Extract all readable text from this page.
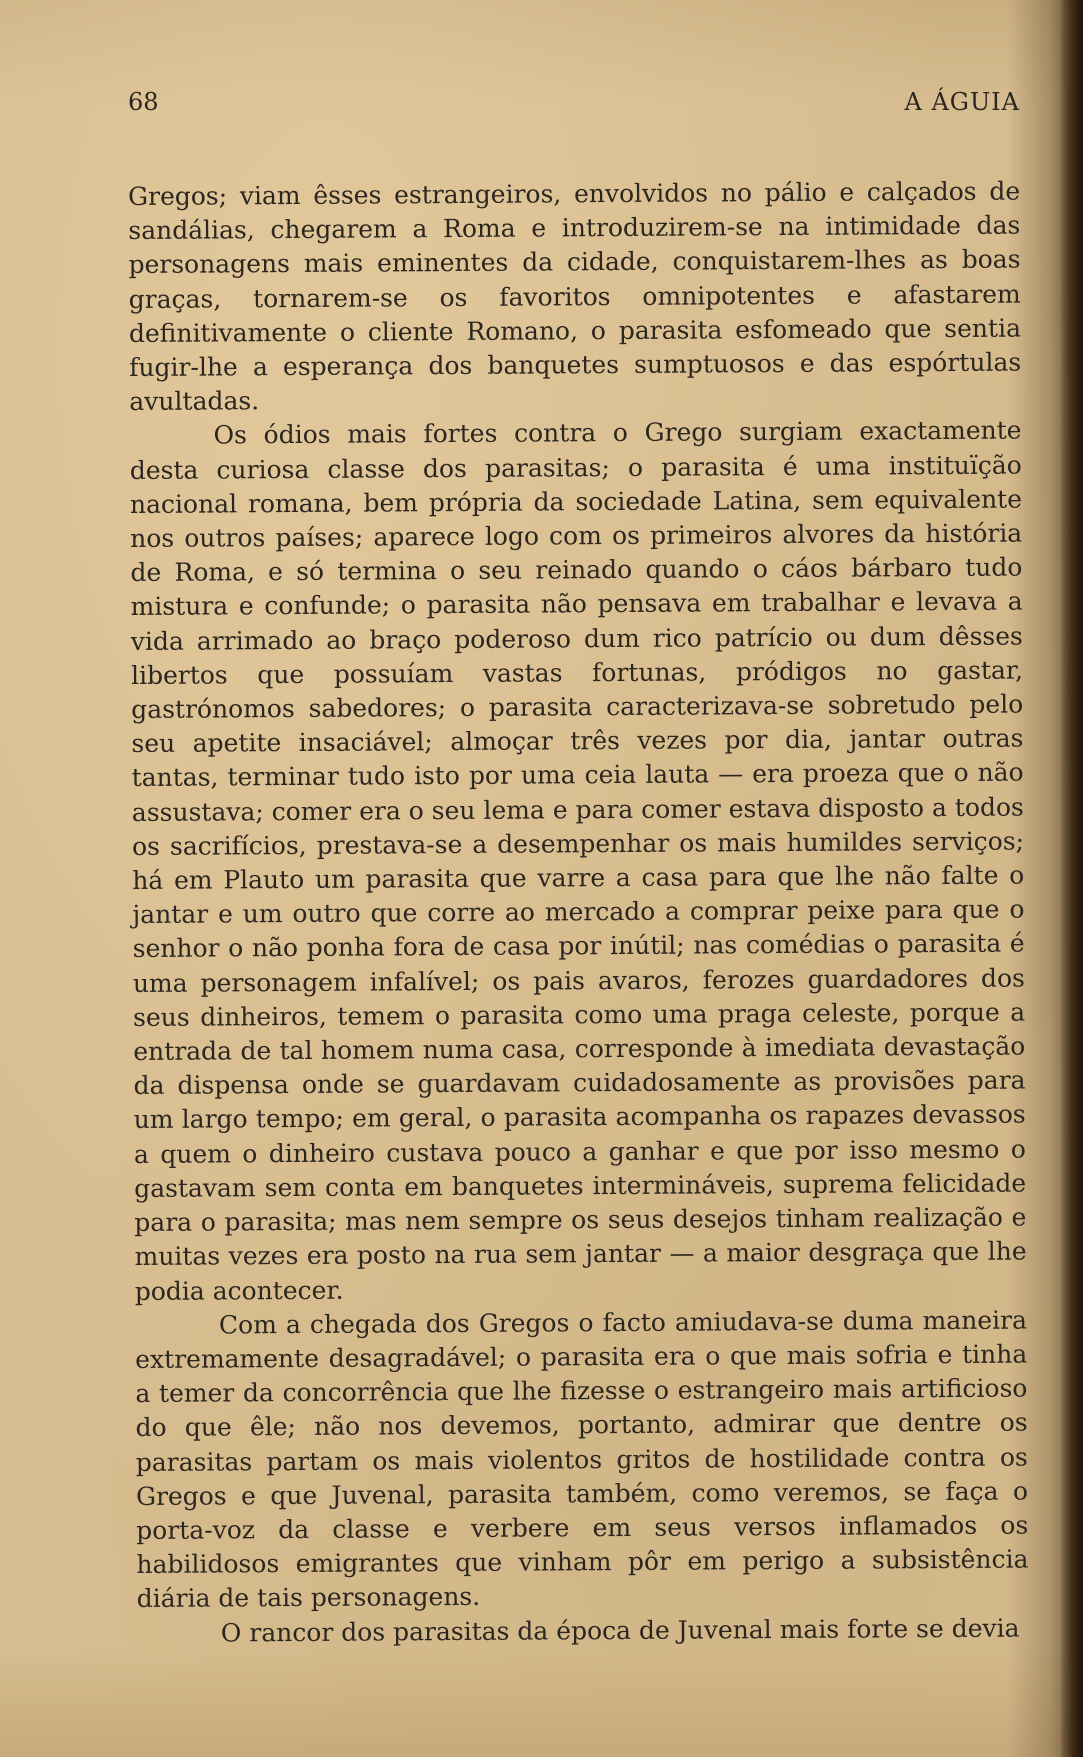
68	A ÁGUIA

Gregos; viam êsses estrangeiros, envolvidos no pálio e calçados de sandálias, chegarem a Roma e introduzirem-se na intimidade das personagens mais eminentes da cidade, conquistarem-lhes as boas graças, tornarem-se os favoritos omnipotentes e afastarem definitivamente o cliente Romano, o parasita esfomeado que sentia fugir-lhe a esperança dos banquetes sumptuosos e das espórtulas avultadas.

Os ódios mais fortes contra o Grego surgiam exactamente desta curiosa classe dos parasitas; o parasita é uma instituïção nacional romana, bem própria da sociedade Latina, sem equivalente nos outros países; aparece logo com os primeiros alvores da história de Roma, e só termina o seu reinado quando o cáos bárbaro tudo mistura e confunde; o parasita não pensava em trabalhar e levava a vida arrimado ao braço poderoso dum rico patrício ou dum dêsses libertos que possuíam vastas fortunas, pródigos no gastar, gastrónomos sabedores; o parasita caracterizava-se sobretudo pelo seu apetite insaciável; almoçar três vezes por dia, jantar outras tantas, terminar tudo isto por uma ceia lauta — era proeza que o não assustava; comer era o seu lema e para comer estava disposto a todos os sacrifícios, prestava-se a desempenhar os mais humildes serviços; há em Plauto um parasita que varre a casa para que lhe não falte o jantar e um outro que corre ao mercado a comprar peixe para que o senhor o não ponha fora de casa por inútil; nas comédias o parasita é uma personagem infalível; os pais avaros, ferozes guardadores dos seus dinheiros, temem o parasita como uma praga celeste, porque a entrada de tal homem numa casa, corresponde à imediata devastação da dispensa onde se guardavam cuidadosamente as provisões para um largo tempo; em geral, o parasita acompanha os rapazes devassos a quem o dinheiro custava pouco a ganhar e que por isso mesmo o gastavam sem conta em banquetes intermináveis, suprema felicidade para o parasita; mas nem sempre os seus desejos tinham realização e muitas vezes era posto na rua sem jantar — a maior desgraça que lhe podia acontecer.

Com a chegada dos Gregos o facto amiudava-se duma maneira extremamente desagradável; o parasita era o que mais sofria e tinha a temer da concorrência que lhe fizesse o estrangeiro mais artificioso do que êle; não nos devemos, portanto, admirar que dentre os parasitas partam os mais violentos gritos de hostilidade contra os Gregos e que Juvenal, parasita também, como veremos, se faça o porta-voz da classe e verbere em seus versos inflamados os habilidosos emigrantes que vinham pôr em perigo a subsistência diária de tais personagens.

O rancor dos parasitas da época de Juvenal mais forte se devia
